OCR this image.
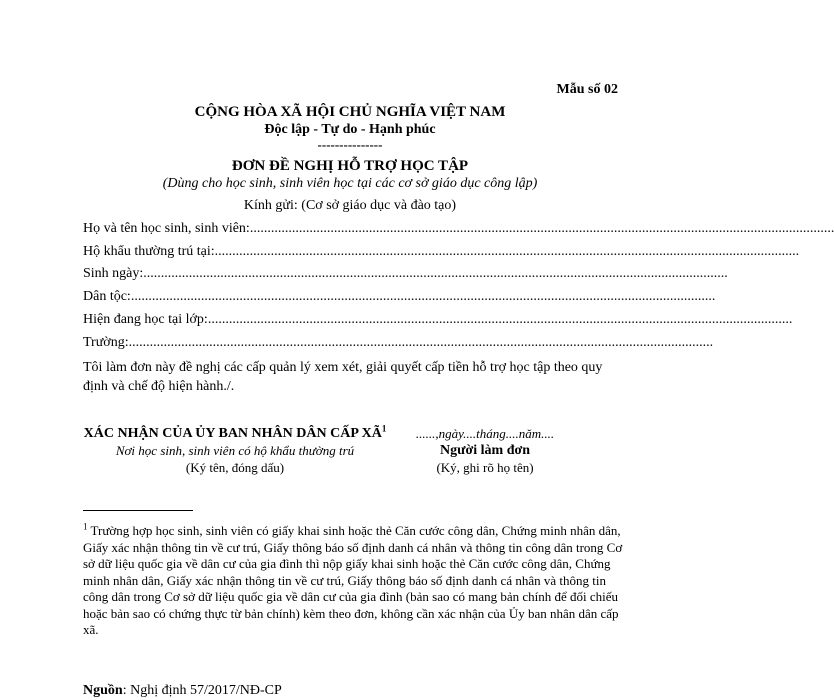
Mẫu số 02
CỘNG HÒA XÃ HỘI CHỦ NGHĨA VIỆT NAM
Độc lập - Tự do - Hạnh phúc
---------------
ĐƠN ĐỀ NGHỊ HỖ TRỢ HỌC TẬP
(Dùng cho học sinh, sinh viên học tại các cơ sở giáo dục công lập)
Kính gửi: (Cơ sở giáo dục và đào tạo)
Họ và tên học sinh, sinh viên: .......................................................................................................................................................................
Hộ khẩu thường trú tại: .......................................................................................................................................................................
Sinh ngày: .......................................................................................................................................................................
Dân tộc: .......................................................................................................................................................................
Hiện đang học tại lớp: .......................................................................................................................................................................
Trường: .......................................................................................................................................................................
Tôi làm đơn này đề nghị các cấp quản lý xem xét, giải quyết cấp tiền hỗ trợ học tập theo quy định và chế độ hiện hành./.
XÁC NHẬN CỦA ỦY BAN NHÂN DÂN CẤP $XÃ^1$
Nơi học sinh, sinh viên có hộ khẩu thường trú
(Ký tên, đóng dấu)
......,ngày....tháng....năm....
Người làm đơn
(Ký, ghi rõ họ tên)
$^1$ Trường hợp học sinh, sinh viên có giấy khai sinh hoặc thẻ Căn cước công dân, Chứng minh nhân dân, Giấy xác nhận thông tin về cư trú, Giấy thông báo số định danh cá nhân và thông tin công dân trong Cơ sở dữ liệu quốc gia về dân cư của gia đình thì nộp giấy khai sinh hoặc thẻ Căn cước công dân, Chứng minh nhân dân, Giấy xác nhận thông tin về cư trú, Giấy thông báo số định danh cá nhân và thông tin công dân trong Cơ sở dữ liệu quốc gia về dân cư của gia đình (bản sao có mang bản chính để đối chiếu hoặc bản sao có chứng thực từ bản chính) kèm theo đơn, không cần xác nhận của Ủy ban nhân dân cấp xã.
Nguồn: Nghị định 57/2017/NĐ-CP
